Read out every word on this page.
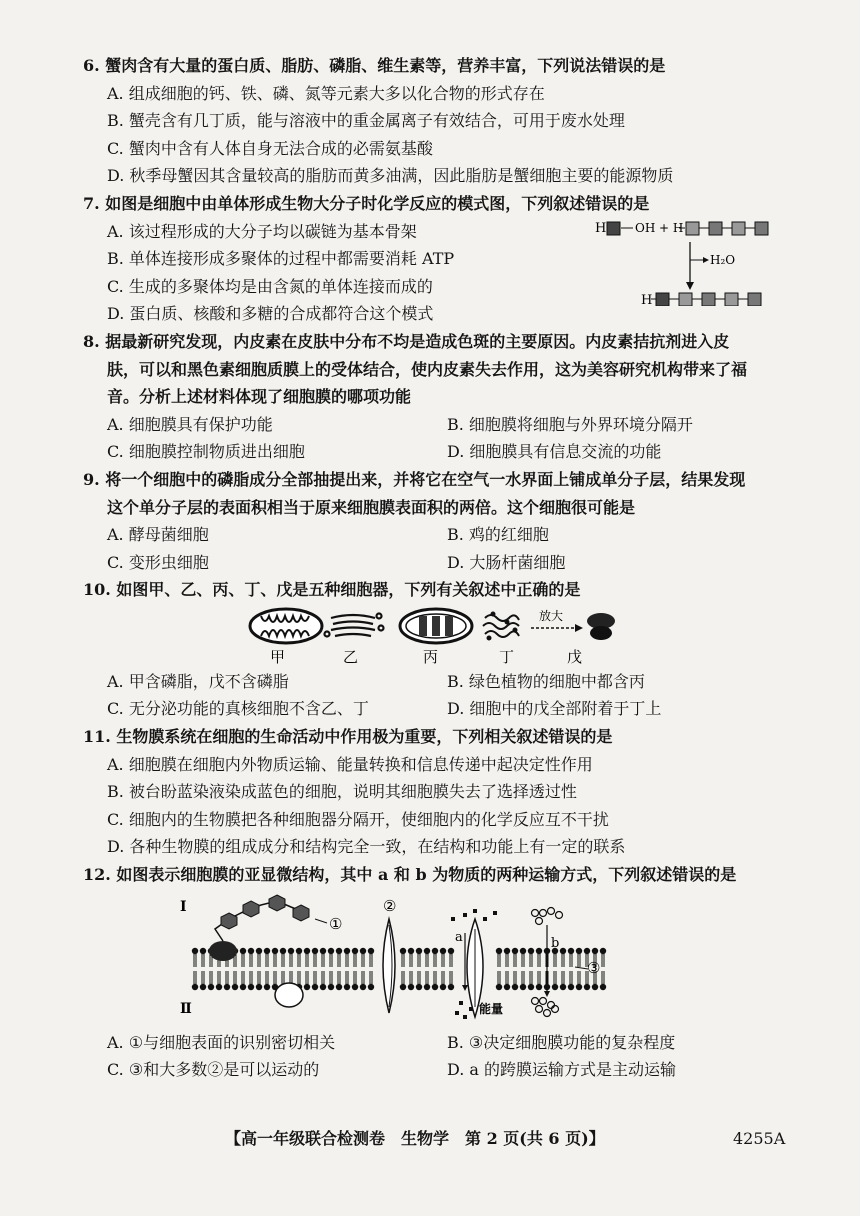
6. 蟹肉含有大量的蛋白质、脂肪、磷脂、维生素等，营养丰富，下列说法错误的是
A. 组成细胞的钙、铁、磷、氮等元素大多以化合物的形式存在
B. 蟹壳含有几丁质，能与溶液中的重金属离子有效结合，可用于废水处理
C. 蟹肉中含有人体自身无法合成的必需氨基酸
D. 秋季母蟹因其含量较高的脂肪而黄多油满，因此脂肪是蟹细胞主要的能源物质
7. 如图是细胞中由单体形成生物大分子时化学反应的模式图，下列叙述错误的是
A. 该过程形成的大分子均以碳链为基本骨架
B. 单体连接形成多聚体的过程中都需要消耗 ATP
C. 生成的多聚体均是由含氮的单体连接而成的
D. 蛋白质、核酸和多糖的合成都符合这个模式
H OH + H
H₂O
H
8. 据最新研究发现，内皮素在皮肤中分布不均是造成色斑的主要原因。内皮素拮抗剂进入皮
肤，可以和黑色素细胞质膜上的受体结合，使内皮素失去作用，这为美容研究机构带来了福
音。分析上述材料体现了细胞膜的哪项功能
A. 细胞膜具有保护功能	B. 细胞膜将细胞与外界环境分隔开
C. 细胞膜控制物质进出细胞	D. 细胞膜具有信息交流的功能
9. 将一个细胞中的磷脂成分全部抽提出来，并将它在空气一水界面上铺成单分子层，结果发现
这个单分子层的表面积相当于原来细胞膜表面积的两倍。这个细胞很可能是
A. 酵母菌细胞	B. 鸡的红细胞
C. 变形虫细胞	D. 大肠杆菌细胞
10. 如图甲、乙、丙、丁、戊是五种细胞器，下列有关叙述中正确的是
放大
甲	乙	丙	丁	戊
A. 甲含磷脂，戊不含磷脂	B. 绿色植物的细胞中都含丙
C. 无分泌功能的真核细胞不含乙、丁	D. 细胞中的戊全部附着于丁上
11. 生物膜系统在细胞的生命活动中作用极为重要，下列相关叙述错误的是
A. 细胞膜在细胞内外物质运输、能量转换和信息传递中起决定性作用
B. 被台盼蓝染液染成蓝色的细胞，说明其细胞膜失去了选择透过性
C. 细胞内的生物膜把各种细胞器分隔开，使细胞内的化学反应互不干扰
D. 各种生物膜的组成成分和结构完全一致，在结构和功能上有一定的联系
12. 如图表示细胞膜的亚显微结构，其中 a 和 b 为物质的两种运输方式，下列叙述错误的是
I
Ⅱ
①
②
a
能量
b
③
A. ①与细胞表面的识别密切相关	B. ③决定细胞膜功能的复杂程度
C. ③和大多数②是可以运动的	D. a 的跨膜运输方式是主动运输
【高一年级联合检测卷　生物学　第 2 页(共 6 页)】	4255A
